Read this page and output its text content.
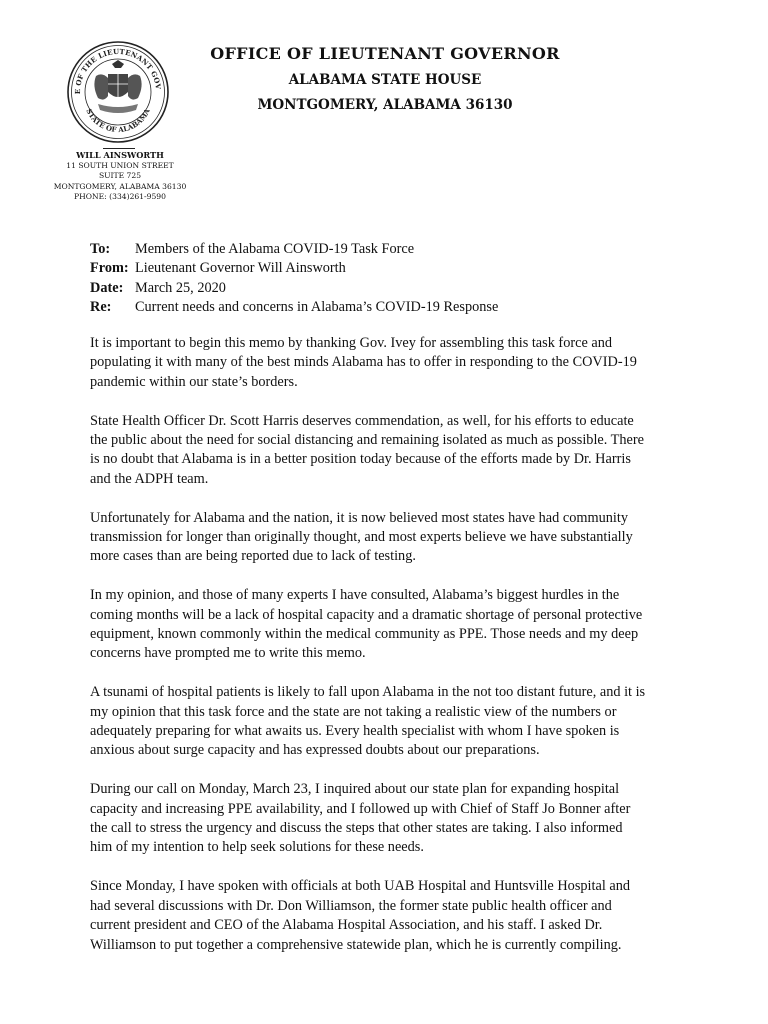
E OF THE LIEUTENANT GOV
STATE OF ALABAMA
OFFICE OF LIEUTENANT GOVERNOR
ALABAMA STATE HOUSE
MONTGOMERY, ALABAMA 36130
WILL AINSWORTH
11 SOUTH UNION STREET
SUITE 725
MONTGOMERY, ALABAMA 36130
PHONE: (334)261-9590
To:	Members of the Alabama COVID-19 Task Force
From: Lieutenant Governor Will Ainsworth
Date: March 25, 2020
Re:	Current needs and concerns in Alabama’s COVID-19 Response

It is important to begin this memo by thanking Gov. Ivey for assembling this task force and
populating it with many of the best minds Alabama has to offer in responding to the COVID-19
pandemic within our state’s borders.

State Health Officer Dr. Scott Harris deserves commendation, as well, for his efforts to educate
the public about the need for social distancing and remaining isolated as much as possible. There
is no doubt that Alabama is in a better position today because of the efforts made by Dr. Harris
and the ADPH team.

Unfortunately for Alabama and the nation, it is now believed most states have had community
transmission for longer than originally thought, and most experts believe we have substantially
more cases than are being reported due to lack of testing.

In my opinion, and those of many experts I have consulted, Alabama’s biggest hurdles in the
coming months will be a lack of hospital capacity and a dramatic shortage of personal protective
equipment, known commonly within the medical community as PPE. Those needs and my deep
concerns have prompted me to write this memo.

A tsunami of hospital patients is likely to fall upon Alabama in the not too distant future, and it is
my opinion that this task force and the state are not taking a realistic view of the numbers or
adequately preparing for what awaits us. Every health specialist with whom I have spoken is
anxious about surge capacity and has expressed doubts about our preparations.

During our call on Monday, March 23, I inquired about our state plan for expanding hospital
capacity and increasing PPE availability, and I followed up with Chief of Staff Jo Bonner after
the call to stress the urgency and discuss the steps that other states are taking. I also informed
him of my intention to help seek solutions for these needs.

Since Monday, I have spoken with officials at both UAB Hospital and Huntsville Hospital and
had several discussions with Dr. Don Williamson, the former state public health officer and
current president and CEO of the Alabama Hospital Association, and his staff. I asked Dr.
Williamson to put together a comprehensive statewide plan, which he is currently compiling.
